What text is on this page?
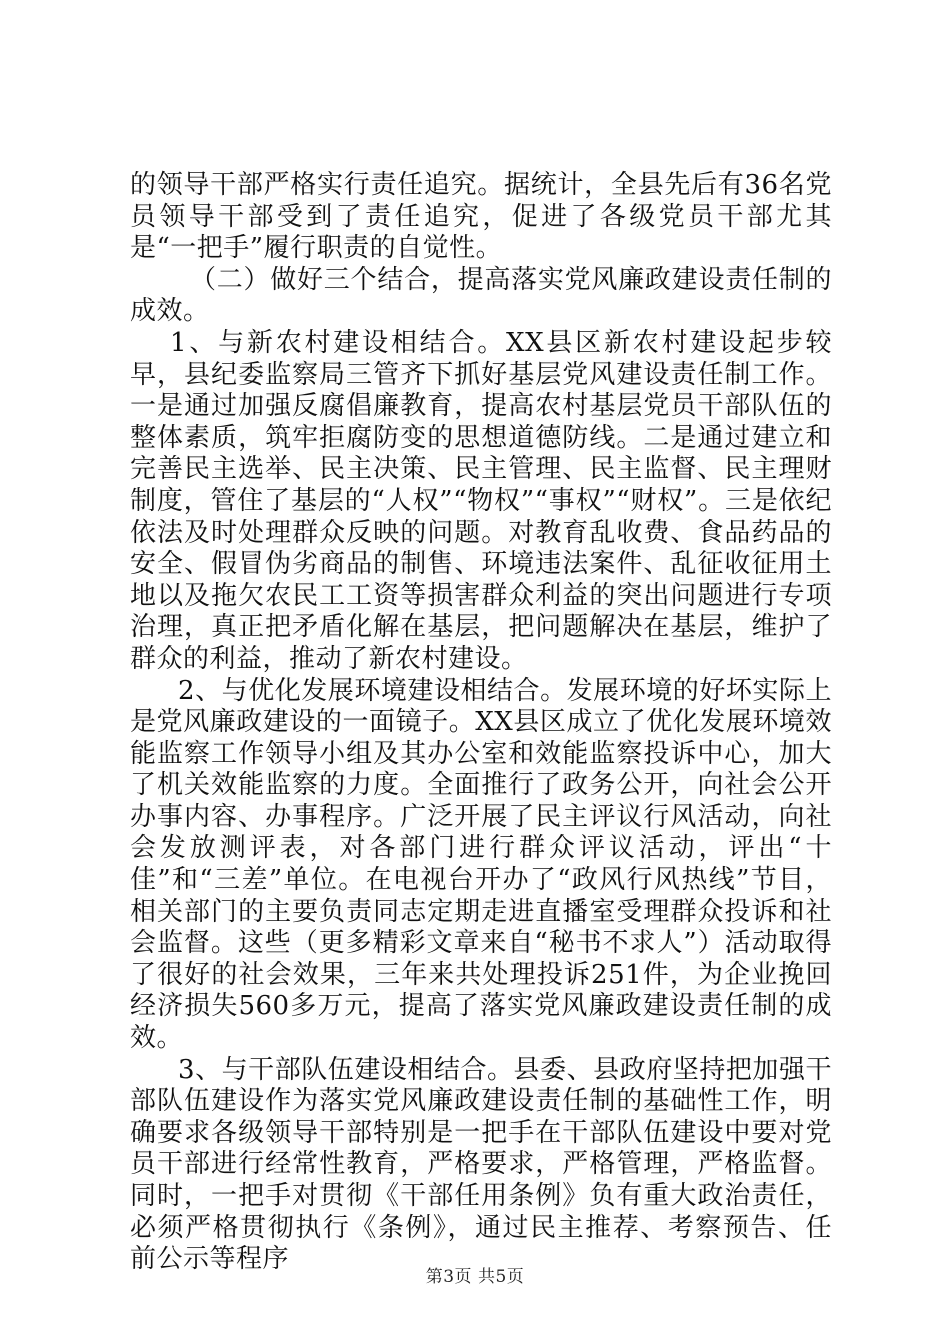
的领导干部严格实行责任追究。据统计，全县先后有36名党员领导干部受到了责任追究，促进了各级党员干部尤其是“一把手”履行职责的自觉性。

（二）做好三个结合，提高落实党风廉政建设责任制的成效。

1、与新农村建设相结合。XX县区新农村建设起步较早，县纪委监察局三管齐下抓好基层党风建设责任制工作。一是通过加强反腐倡廉教育，提高农村基层党员干部队伍的整体素质，筑牢拒腐防变的思想道德防线。二是通过建立和完善民主选举、民主决策、民主管理、民主监督、民主理财制度，管住了基层的“人权”“物权”“事权”“财权”。三是依纪依法及时处理群众反映的问题。对教育乱收费、食品药品的安全、假冒伪劣商品的制售、环境违法案件、乱征收征用土地以及拖欠农民工工资等损害群众利益的突出问题进行专项治理，真正把矛盾化解在基层，把问题解决在基层，维护了群众的利益，推动了新农村建设。

2、与优化发展环境建设相结合。发展环境的好坏实际上是党风廉政建设的一面镜子。XX县区成立了优化发展环境效能监察工作领导小组及其办公室和效能监察投诉中心，加大了机关效能监察的力度。全面推行了政务公开，向社会公开办事内容、办事程序。广泛开展了民主评议行风活动，向社会发放测评表，对各部门进行群众评议活动，评出“十佳”和“三差”单位。在电视台开办了“政风行风热线”节目，相关部门的主要负责同志定期走进直播室受理群众投诉和社会监督。这些（更多精彩文章来自“秘书不求人”）活动取得了很好的社会效果，三年来共处理投诉251件，为企业挽回经济损失560多万元，提高了落实党风廉政建设责任制的成效。

3、与干部队伍建设相结合。县委、县政府坚持把加强干部队伍建设作为落实党风廉政建设责任制的基础性工作，明确要求各级领导干部特别是一把手在干部队伍建设中要对党员干部进行经常性教育，严格要求，严格管理，严格监督。同时，一把手对贯彻《干部任用条例》负有重大政治责任，必须严格贯彻执行《条例》，通过民主推荐、考察预告、任前公示等程序

第3页 共5页
